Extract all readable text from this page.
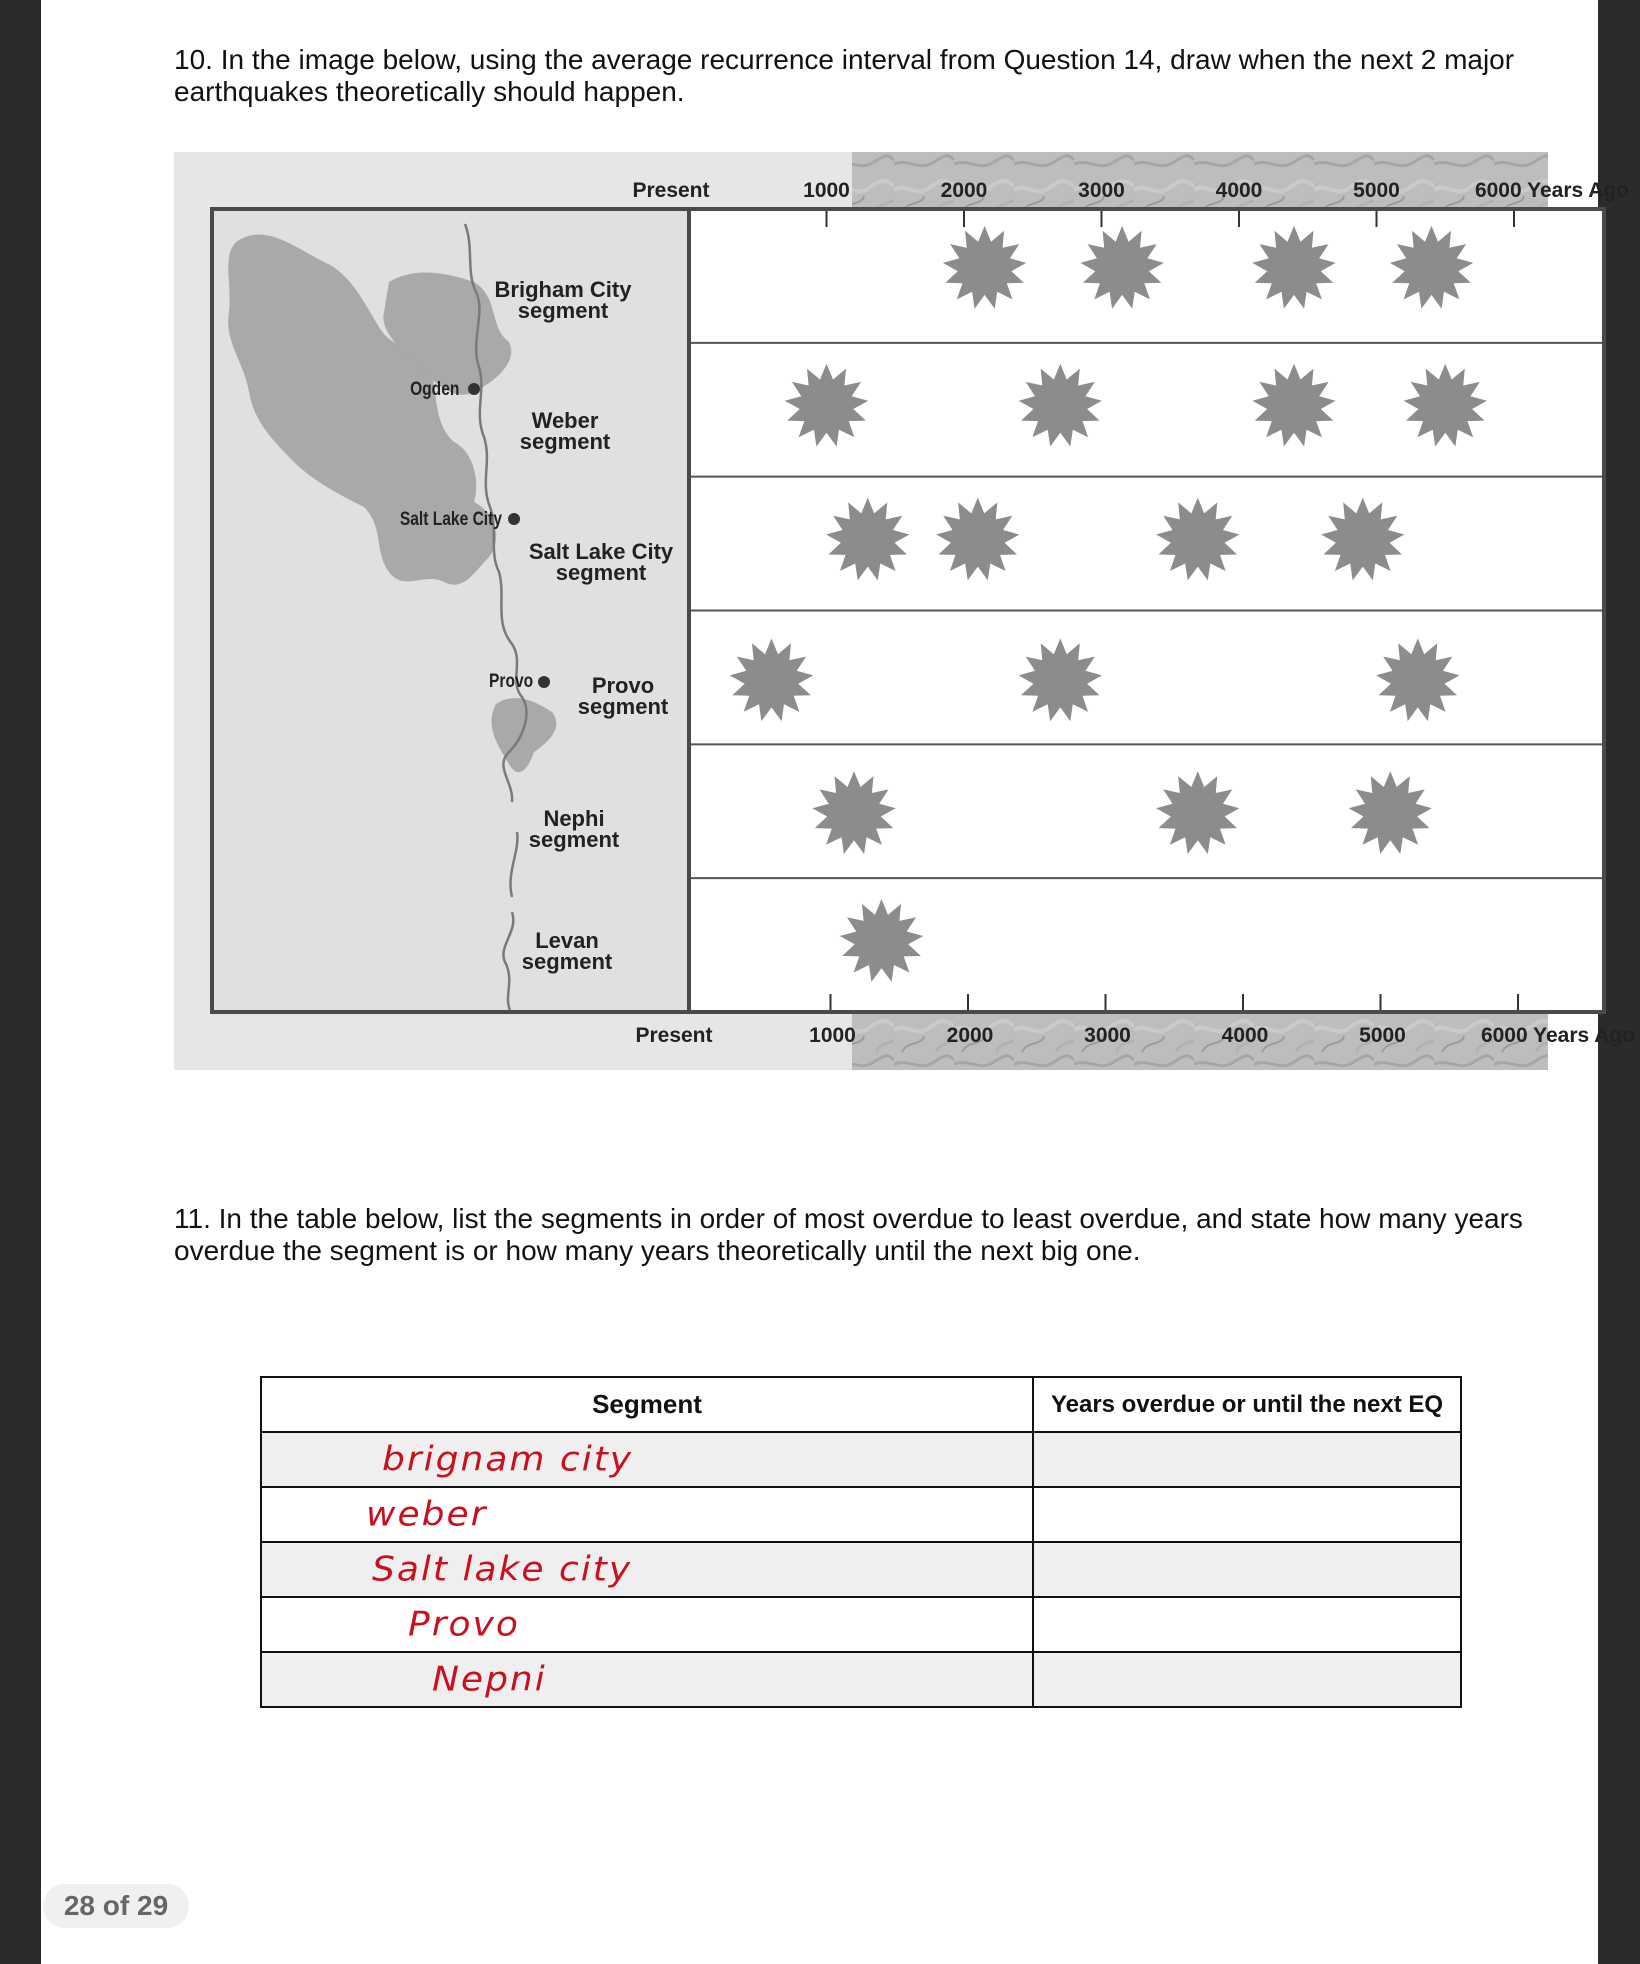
10. In the image below, using the average recurrence interval from Question 14, draw when the next 2 major earthquakes theoretically should happen.

Ogden
Salt Lake City
Provo
Present
Present
1000
1000
2000
2000
3000
3000
4000
4000
5000
5000
6000 Years Ago
6000 Years Ago
Brigham City
segment
Weber
segment
Salt Lake City
segment
Provo
segment
Nephi
segment
Levan
segment

11. In the table below, list the segments in order of most overdue to least overdue, and state how many years overdue the segment is or how many years theoretically until the next big one.

Segment	Years overdue or until the next EQ
brignam city	
weber	
Salt lake city	
Provo	
Nepni	
28 of 29
